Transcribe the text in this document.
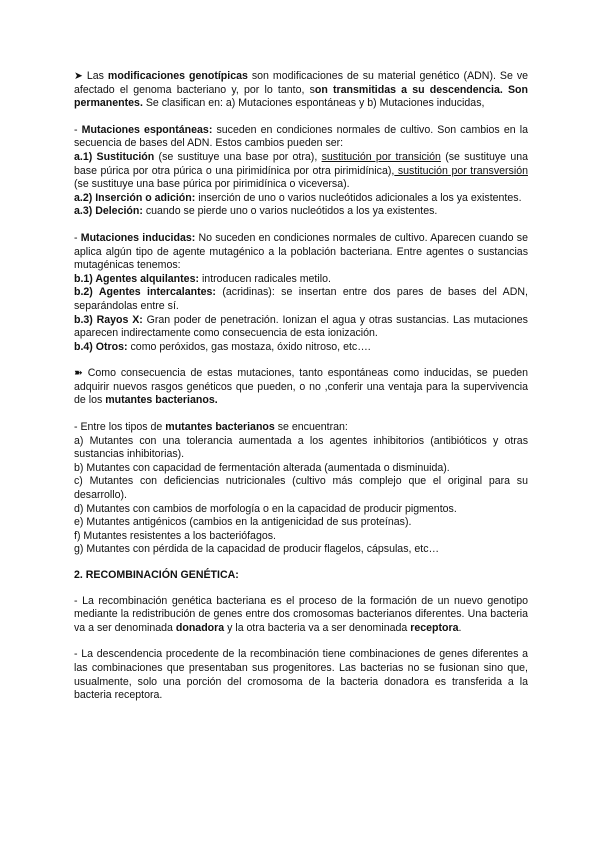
➤ Las modificaciones genotípicas son modificaciones de su material genético (ADN). Se ve afectado el genoma bacteriano y, por lo tanto, son transmitidas a su descendencia. Son permanentes. Se clasifican en: a) Mutaciones espontáneas y b) Mutaciones inducidas,

- Mutaciones espontáneas: suceden en condiciones normales de cultivo. Son cambios en la secuencia de bases del ADN. Estos cambios pueden ser:

a.1) Sustitución (se sustituye una base por otra), sustitución por transición (se sustituye una base púrica por otra púrica o una pirimidínica por otra pirimidínica), sustitución por transversión (se sustituye una base púrica por pirimidínica o viceversa).

a.2) Inserción o adición: inserción de uno o varios nucleótidos adicionales a los ya existentes.

a.3) Deleción: cuando se pierde uno o varios nucleótidos a los ya existentes.

- Mutaciones inducidas: No suceden en condiciones normales de cultivo. Aparecen cuando se aplica algún tipo de agente mutagénico a la población bacteriana. Entre agentes o sustancias mutagénicas tenemos:

b.1) Agentes alquilantes: introducen radicales metilo.

b.2) Agentes intercalantes: (acridinas): se insertan entre dos pares de bases del ADN, separándolas entre sí.

b.3) Rayos X: Gran poder de penetración. Ionizan el agua y otras sustancias. Las mutaciones aparecen indirectamente como consecuencia de esta ionización.

b.4) Otros: como peróxidos, gas mostaza, óxido nitroso, etc….

➽ Como consecuencia de estas mutaciones, tanto espontáneas como inducidas, se pueden adquirir nuevos rasgos genéticos que pueden, o no ,conferir una ventaja para la supervivencia de los mutantes bacterianos.

- Entre los tipos de mutantes bacterianos se encuentran:

a) Mutantes con una tolerancia aumentada a los agentes inhibitorios (antibióticos y otras sustancias inhibitorias).

b) Mutantes con capacidad de fermentación alterada (aumentada o disminuida).

c) Mutantes con deficiencias nutricionales (cultivo más complejo que el original para su desarrollo).

d) Mutantes con cambios de morfología o en la capacidad de producir pigmentos.

e) Mutantes antigénicos (cambios en la antigenicidad de sus proteínas).

f) Mutantes resistentes a los bacteriófagos.

g) Mutantes con pérdida de la capacidad de producir flagelos, cápsulas, etc…

2. RECOMBINACIÓN GENÉTICA:

- La recombinación genética bacteriana es el proceso de la formación de un nuevo genotipo mediante la redistribución de genes entre dos cromosomas bacterianos diferentes. Una bacteria va a ser denominada donadora y la otra bacteria va a ser denominada receptora.

- La descendencia procedente de la recombinación tiene combinaciones de genes diferentes a las combinaciones que presentaban sus progenitores. Las bacterias no se fusionan sino que, usualmente, solo una porción del cromosoma de la bacteria donadora es transferida a la bacteria receptora.
